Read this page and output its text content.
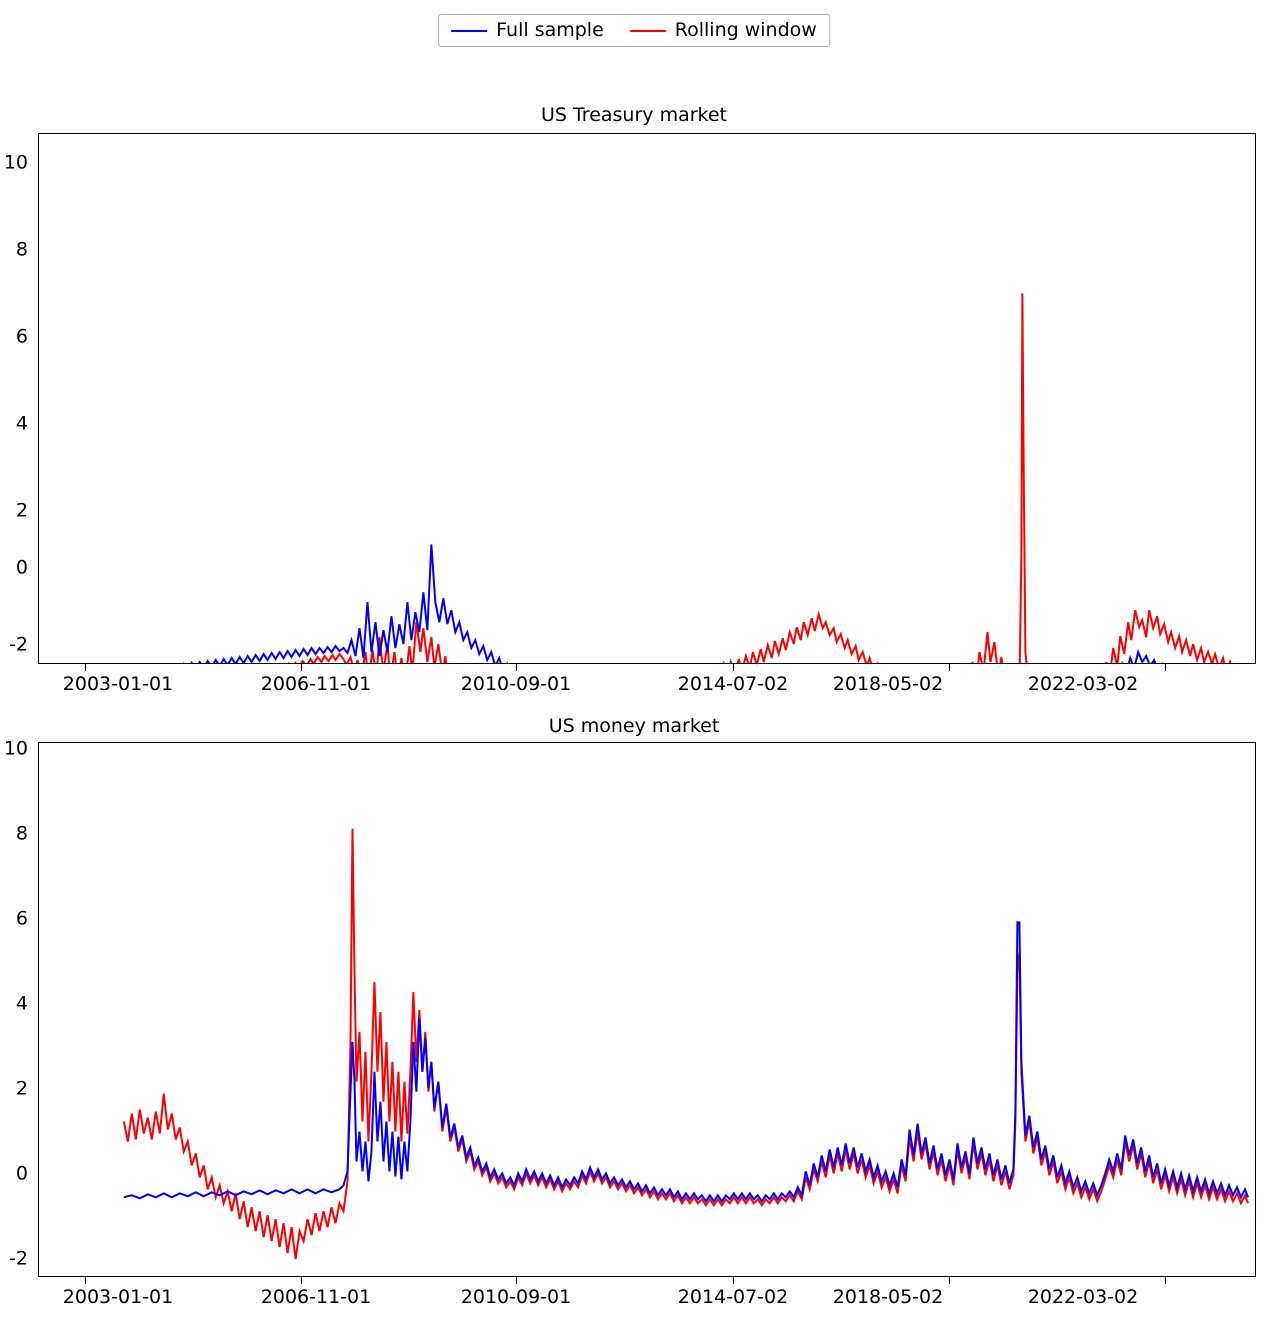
Full sample	Rolling window
US Treasury market
10
8
6
4
2
0
-2
2003-01-01	2006-11-01	2010-09-01	2014-07-02 2018-05-02	2022-03-02
US money market
10
8
6
4
2
0
-2
2003-01-01	2006-11-01	2010-09-01	2014-07-02 2018-05-02	2022-03-02
